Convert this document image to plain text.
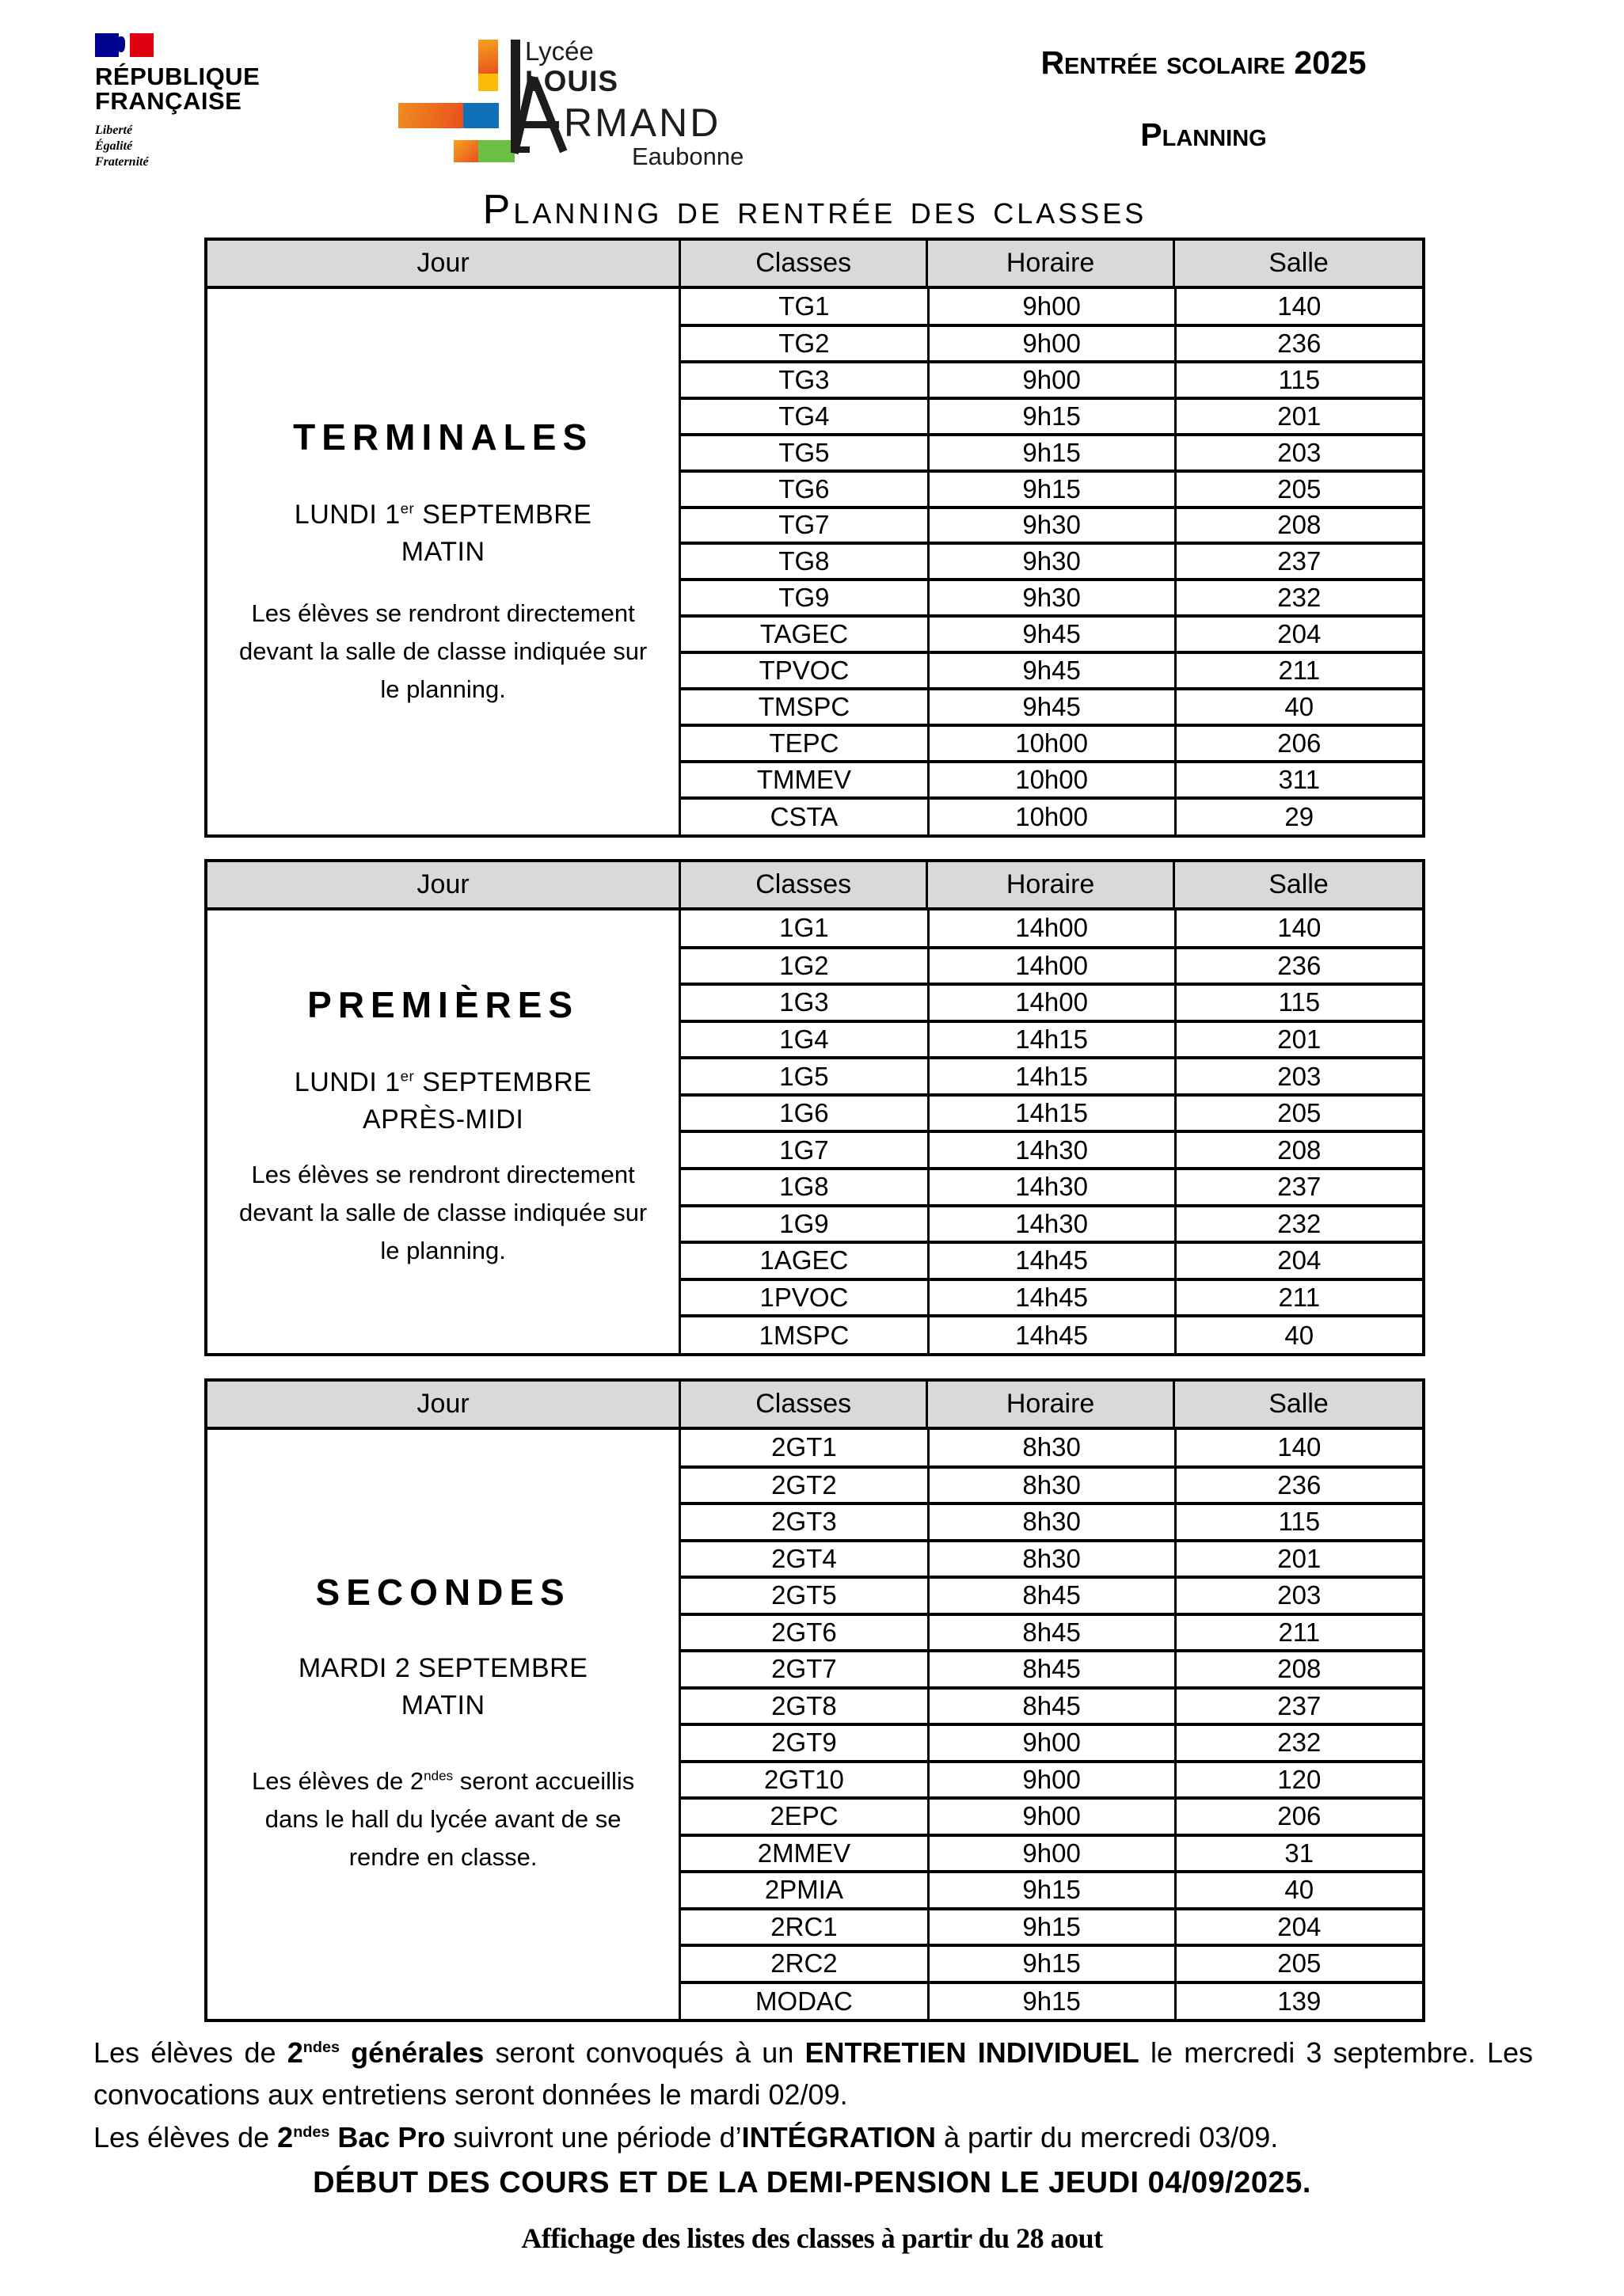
RÉPUBLIQUE
FRANÇAISE
Liberté
Égalité
Fraternité
Lycée
LOUIS
RMAND
Eaubonne
Rentrée scolaire 2025
Planning
Planning de rentrée des classes
Jour	Classes	Horaire	Salle
TERMINALES
LUNDI 1er SEPTEMBRE
MATIN
Les élèves se rendront directement devant la salle de classe indiquée sur le planning.
TG1	9h00	140
TG2	9h00	236
TG3	9h00	115
TG4	9h15	201
TG5	9h15	203
TG6	9h15	205
TG7	9h30	208
TG8	9h30	237
TG9	9h30	232
TAGEC	9h45	204
TPVOC	9h45	211
TMSPC	9h45	40
TEPC	10h00	206
TMMEV	10h00	311
CSTA	10h00	29
Jour	Classes	Horaire	Salle
PREMIÈRES
LUNDI 1er SEPTEMBRE
APRÈS-MIDI
Les élèves se rendront directement devant la salle de classe indiquée sur le planning.
1G1	14h00	140
1G2	14h00	236
1G3	14h00	115
1G4	14h15	201
1G5	14h15	203
1G6	14h15	205
1G7	14h30	208
1G8	14h30	237
1G9	14h30	232
1AGEC	14h45	204
1PVOC	14h45	211
1MSPC	14h45	40
Jour	Classes	Horaire	Salle
SECONDES
MARDI 2 SEPTEMBRE
MATIN
Les élèves de $2^{ndes}$ seront accueillis dans le hall du lycée avant de se rendre en classe.
2GT1	8h30	140
2GT2	8h30	236
2GT3	8h30	115
2GT4	8h30	201
2GT5	8h45	203
2GT6	8h45	211
2GT7	8h45	208
2GT8	8h45	237
2GT9	9h00	232
2GT10	9h00	120
2EPC	9h00	206
2MMEV	9h00	31
2PMIA	9h15	40
2RC1	9h15	204
2RC2	9h15	205
MODAC	9h15	139

Les élèves de $2^{ndes}$ générales seront convoqués à un ENTRETIEN INDIVIDUEL le mercredi 3 septembre. Les convocations aux entretiens seront données le mardi 02/09.

Les élèves de $2^{ndes}$ Bac Pro suivront une période d’INTÉGRATION à partir du mercredi 03/09.

DÉBUT DES COURS ET DE LA DEMI-PENSION LE JEUDI 04/09/2025.
Affichage des listes des classes à partir du 28 aout
